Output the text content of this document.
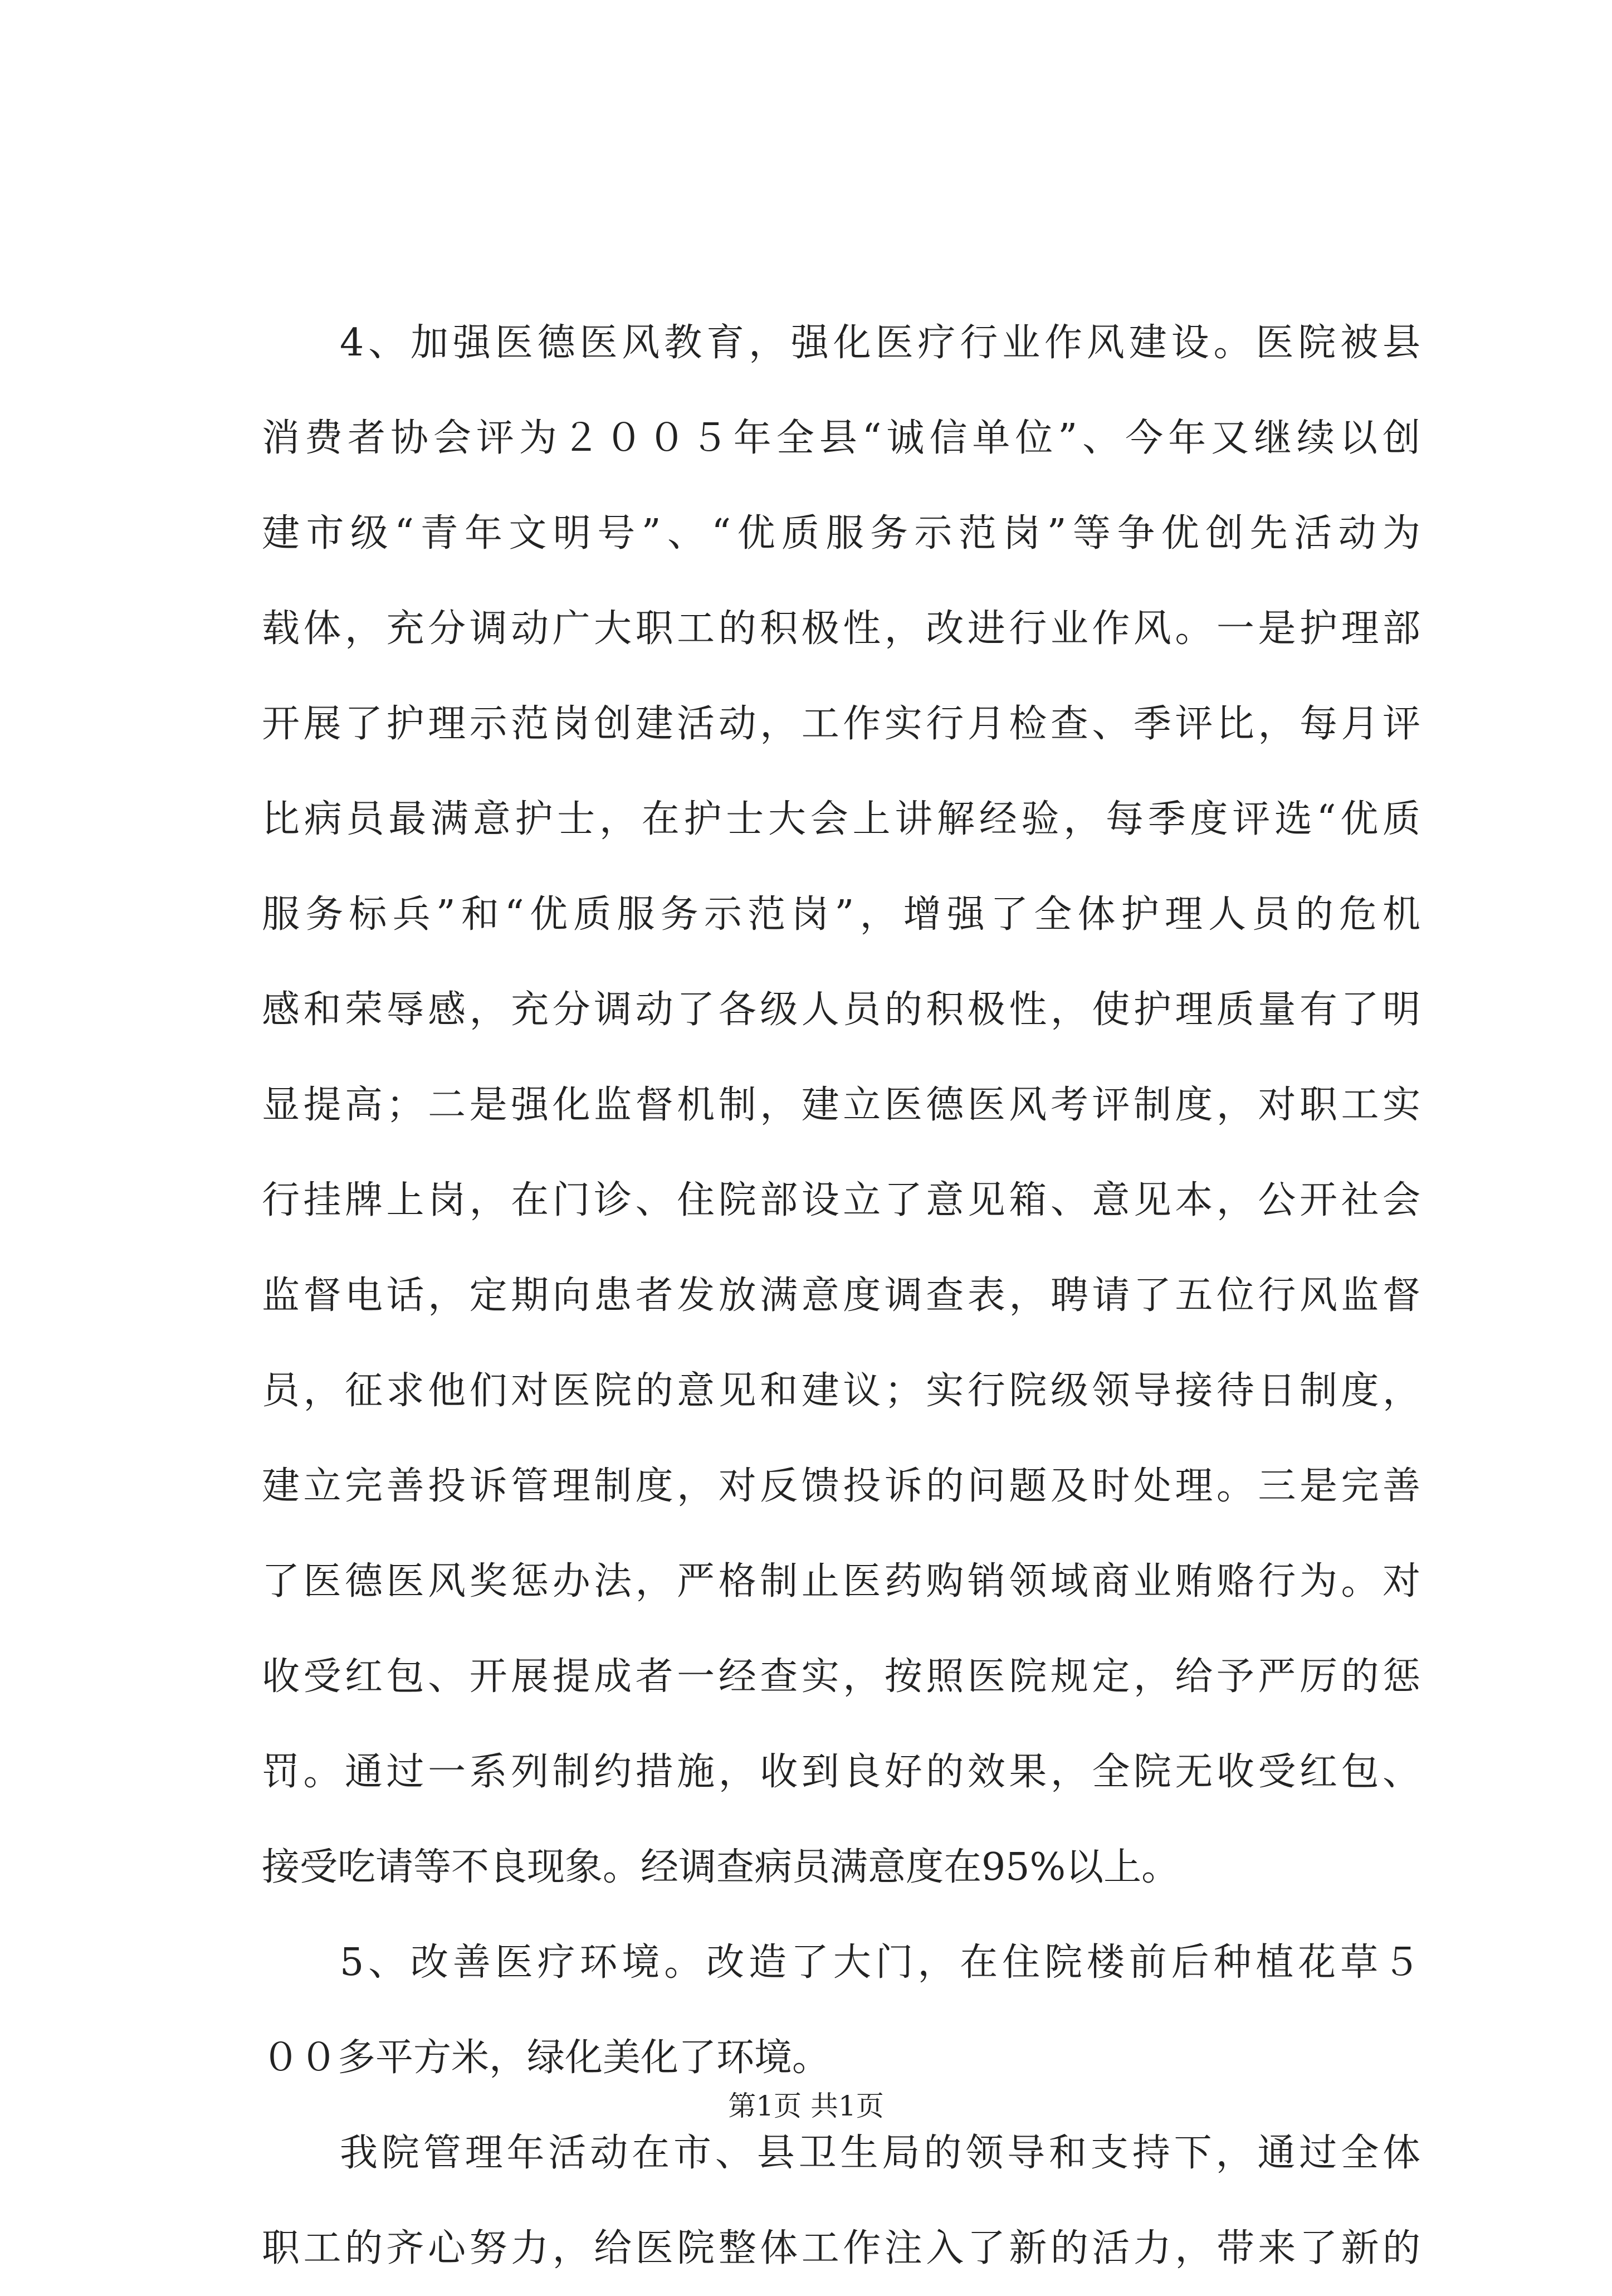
4、加强医德医风教育，强化医疗行业作风建设。医院被县
消费者协会评为２００５年全县“诚信单位”、今年又继续以创
建市级“青年文明号”、“优质服务示范岗”等争优创先活动为
载体，充分调动广大职工的积极性，改进行业作风。一是护理部
开展了护理示范岗创建活动，工作实行月检查、季评比，每月评
比病员最满意护士，在护士大会上讲解经验，每季度评选“优质
服务标兵”和“优质服务示范岗”，增强了全体护理人员的危机
感和荣辱感，充分调动了各级人员的积极性，使护理质量有了明
显提高；二是强化监督机制，建立医德医风考评制度，对职工实
行挂牌上岗，在门诊、住院部设立了意见箱、意见本，公开社会
监督电话，定期向患者发放满意度调查表，聘请了五位行风监督
员，征求他们对医院的意见和建议；实行院级领导接待日制度，
建立完善投诉管理制度，对反馈投诉的问题及时处理。三是完善
了医德医风奖惩办法，严格制止医药购销领域商业贿赂行为。对
收受红包、开展提成者一经查实，按照医院规定，给予严厉的惩
罚。通过一系列制约措施，收到良好的效果，全院无收受红包、
接受吃请等不良现象。经调查病员满意度在95%以上。
5、改善医疗环境。改造了大门，在住院楼前后种植花草５
００多平方米，绿化美化了环境。
我院管理年活动在市、县卫生局的领导和支持下，通过全体
职工的齐心努力，给医院整体工作注入了新的活力，带来了新的
第1页 共1页
